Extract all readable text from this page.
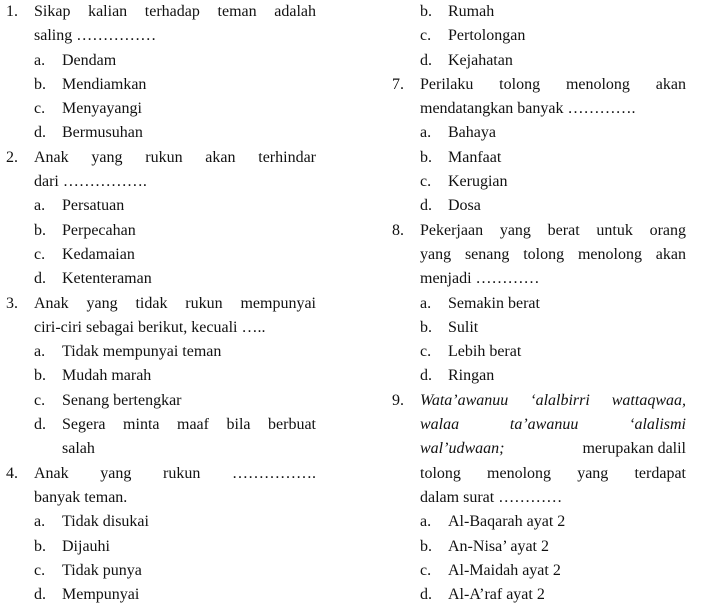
1. Sikap kalian terhadap teman adalah
saling ……………
a. Dendam
b. Mendiamkan
c. Menyayangi
d. Bermusuhan
2. Anak yang rukun akan terhindar
dari …………….
a. Persatuan
b. Perpecahan
c. Kedamaian
d. Ketenteraman
3. Anak yang tidak rukun mempunyai
ciri-ciri sebagai berikut, kecuali …..
a. Tidak mempunyai teman
b. Mudah marah
c. Senang bertengkar
d. Segera minta maaf bila berbuat
salah
4. Anak yang rukun …………….
banyak teman.
a. Tidak disukai
b. Dijauhi
c. Tidak punya
d. Mempunyai
b. Rumah
c. Pertolongan
d. Kejahatan
7. Perilaku tolong menolong akan
mendatangkan banyak ………….
a. Bahaya
b. Manfaat
c. Kerugian
d. Dosa
8. Pekerjaan yang berat untuk orang
yang senang tolong menolong akan
menjadi …………
a. Semakin berat
b. Sulit
c. Lebih berat
d. Ringan
9. Wata’awanuu ‘alalbirri wattaqwaa,
walaa ta’awanuu ‘alalismi
wal’udwaan;	merupakan dalil
tolong menolong yang terdapat
dalam surat …………
a. Al-Baqarah ayat 2
b. An-Nisa’ ayat 2
c. Al-Maidah ayat 2
d. Al-A’raf ayat 2
